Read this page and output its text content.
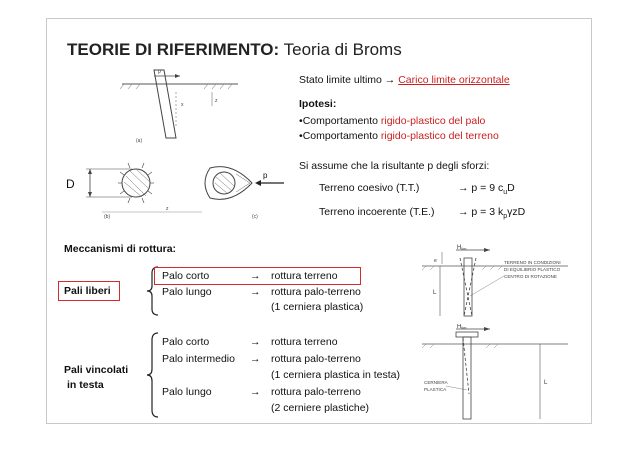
TEORIE DI RIFERIMENTO: Teoria di Broms
P
z
x
(a)
D
(b)
z
p
(c)
Stato limite ultimo → Carico limite orizzontale
Ipotesi:
•Comportamento rigido-plastico del palo
•Comportamento rigido-plastico del terreno
Si assume che la risultante p degli sforzi:
Terreno coesivo (T.T.)	→ p = 9 $c_uD$
Terreno incoerente (T.E.) → p = 3 $k_p\gamma zD$
Meccanismi di rottura:
Pali liberi
Palo corto	→ rottura terreno
Palo lungo	→ rottura palo-terreno
(1 cerniera plastica)
Pali vincolati
in testa
Palo corto	→ rottura terreno
Palo intermedio → rottura palo-terreno
(1 cerniera plastica in testa)
Palo lungo	→ rottura palo-terreno
(2 cerniere plastiche)
Hlim
L
e	TERRENO IN CONDIZIONI
DI EQUILIBRIO PLASTICO
CENTRO DI ROTAZIONE
Hlim
CERNIERA
PLASTICA
L
